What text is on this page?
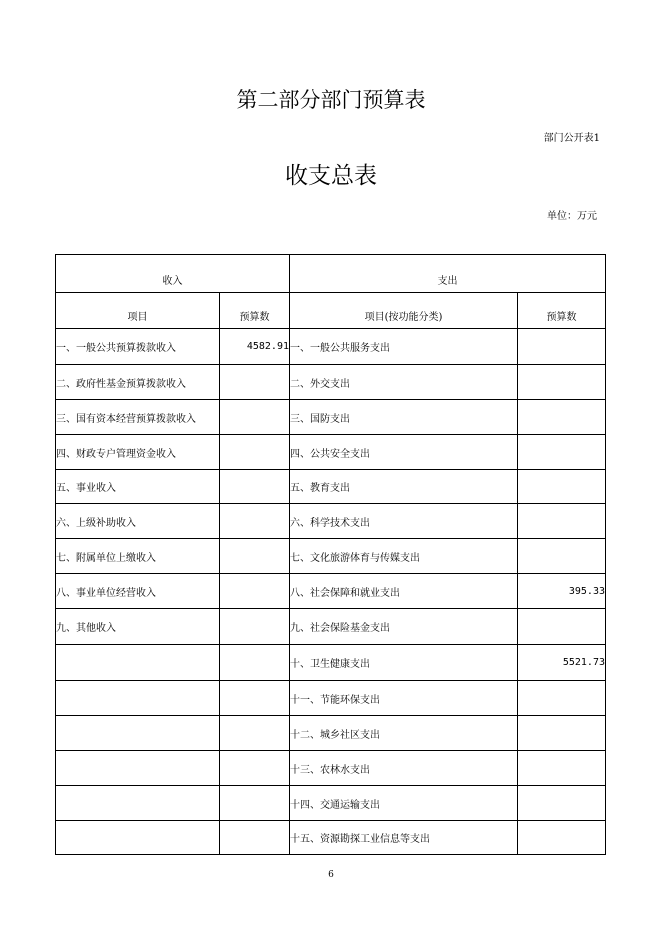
第二部分部门预算表
部门公开表1
收支总表
单位：万元
收入		支出	
项目	预算数	项目(按功能分类)	预算数
一、一般公共预算拨款收入	4582.91	一、一般公共服务支出	
二、政府性基金预算拨款收入		二、外交支出	
三、国有资本经营预算拨款收入		三、国防支出	
四、财政专户管理资金收入		四、公共安全支出	
五、事业收入		五、教育支出	
六、上级补助收入		六、科学技术支出	
七、附属单位上缴收入		七、文化旅游体育与传媒支出	
八、事业单位经营收入		八、社会保障和就业支出	395.33
九、其他收入		九、社会保险基金支出	
		十、卫生健康支出	5521.73
		十一、节能环保支出	
		十二、城乡社区支出	
		十三、农林水支出	
		十四、交通运输支出	
		十五、资源勘探工业信息等支出	
6
